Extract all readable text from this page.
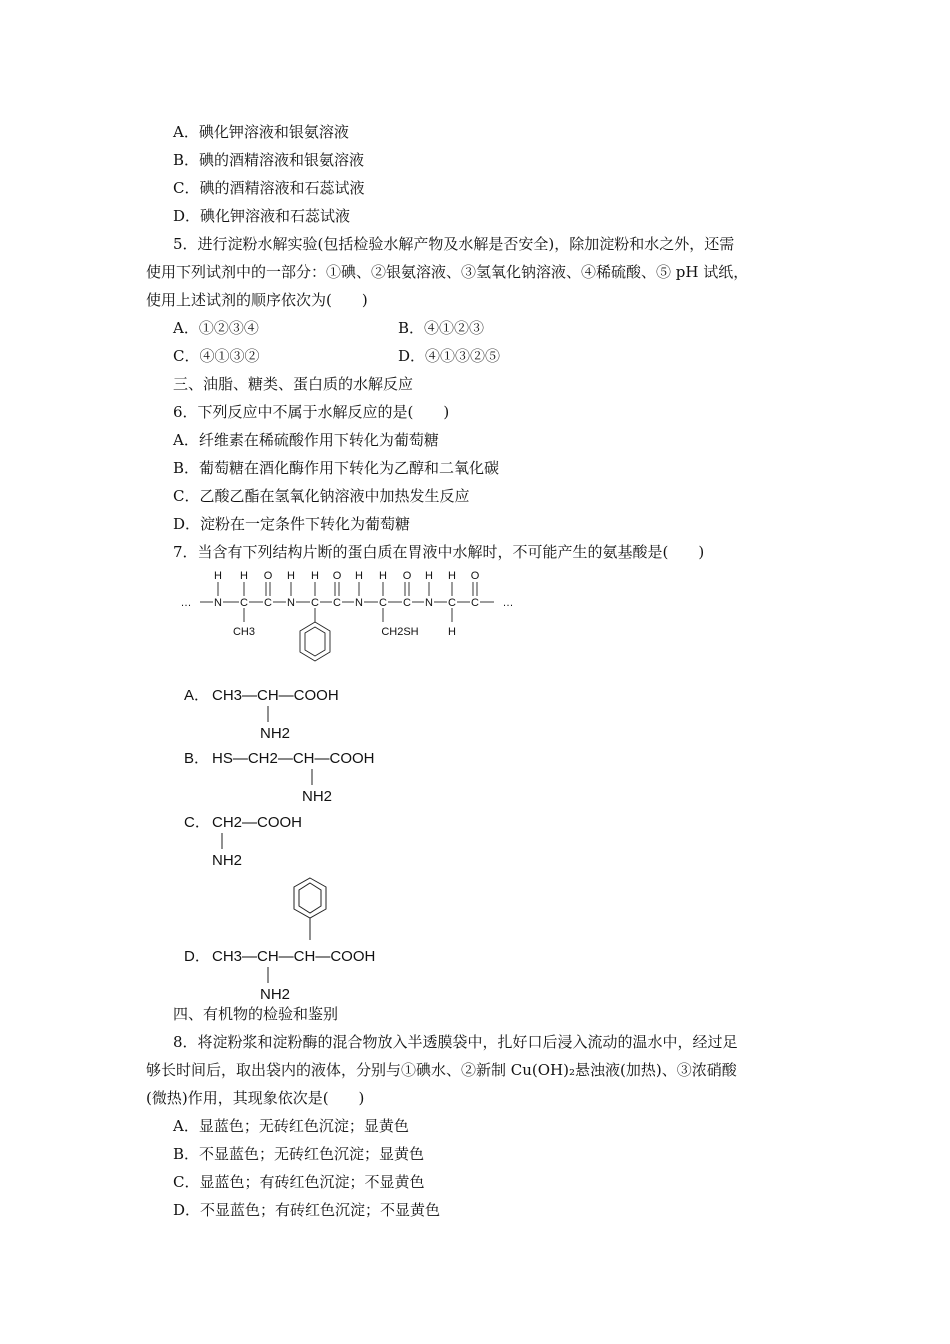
A．碘化钾溶液和银氨溶液
B．碘的酒精溶液和银氨溶液
C．碘的酒精溶液和石蕊试液
D．碘化钾溶液和石蕊试液
5．进行淀粉水解实验(包括检验水解产物及水解是否安全)，除加淀粉和水之外，还需
使用下列试剂中的一部分：①碘、②银氨溶液、③氢氧化钠溶液、④稀硫酸、⑤ pH 试纸，
使用上述试剂的顺序依次为(　　)
A．①②③④	B．④①②③
C．④①③②	D．④①③②⑤
三、油脂、糖类、蛋白质的水解反应
6．下列反应中不属于水解反应的是(　　)
A．纤维素在稀硫酸作用下转化为葡萄糖
B．葡萄糖在酒化酶作用下转化为乙醇和二氧化碳
C．乙酸乙酯在氢氧化钠溶液中加热发生反应
D．淀粉在一定条件下转化为葡萄糖
7．当含有下列结构片断的蛋白质在胃液中水解时，不可能产生的氨基酸是(　　)
H H O H H O H H O H H O
… N C C N C C N C C N C C …
CH3	CH2SH	H
A． CH3—CH—COOH
NH2
B． HS—CH2—CH—COOH
NH2
C． CH2—COOH
NH2
D． CH3—CH—CH—COOH
NH2
四、有机物的检验和鉴别
8．将淀粉浆和淀粉酶的混合物放入半透膜袋中，扎好口后浸入流动的温水中，经过足
够长时间后，取出袋内的液体，分别与①碘水、②新制 Cu(OH)₂悬浊液(加热)、③浓硝酸
(微热)作用，其现象依次是(　　)
A．显蓝色；无砖红色沉淀；显黄色
B．不显蓝色；无砖红色沉淀；显黄色
C．显蓝色；有砖红色沉淀；不显黄色
D．不显蓝色；有砖红色沉淀；不显黄色
